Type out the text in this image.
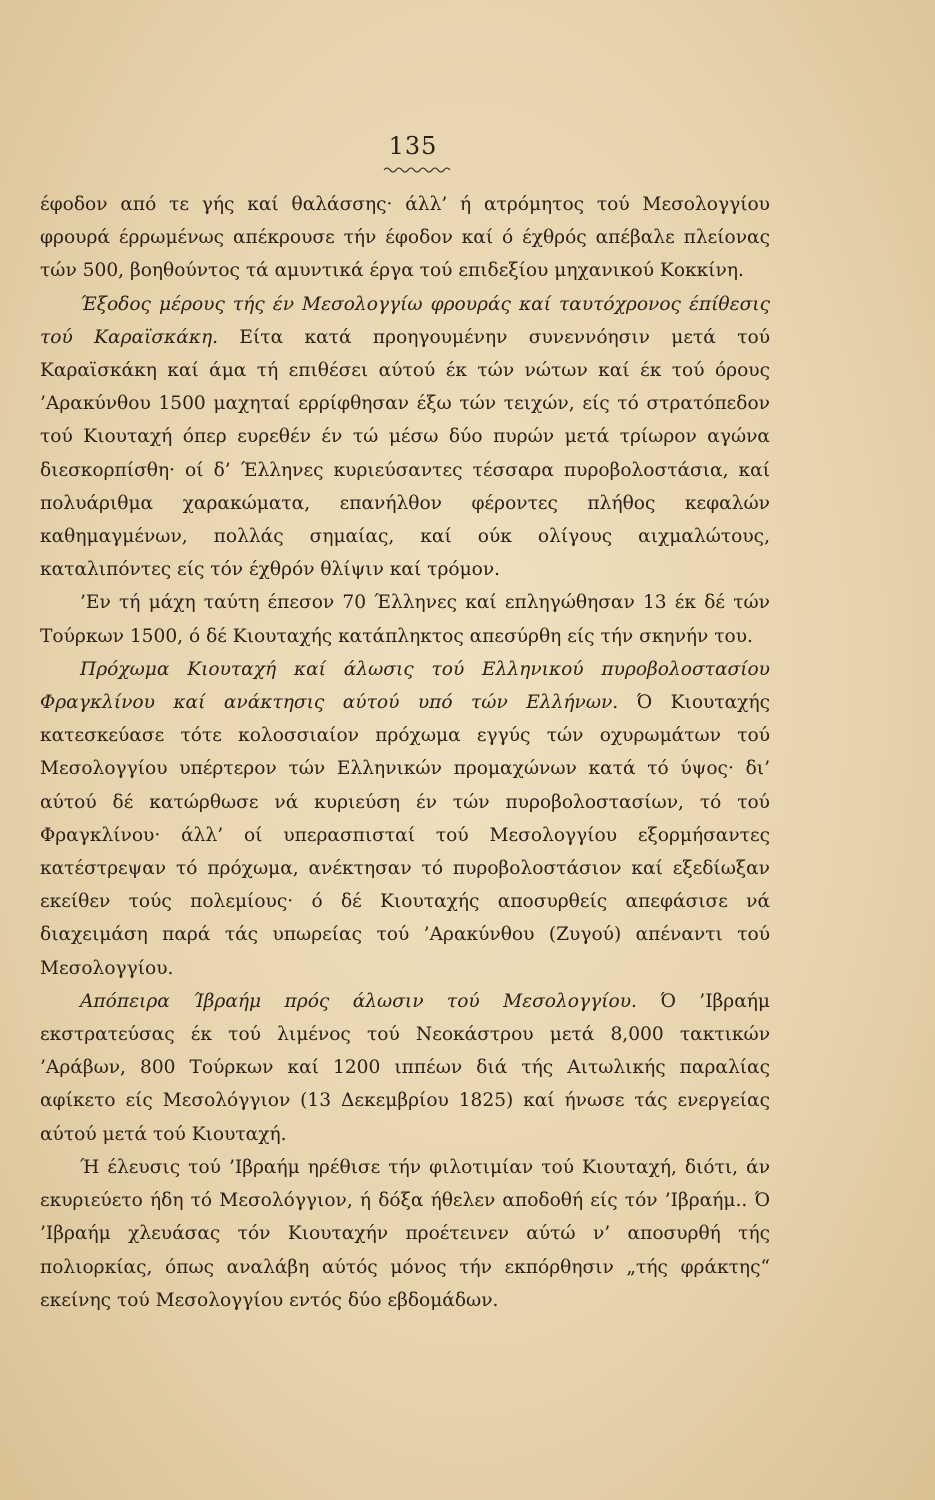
135

έφοδον από τε γής καί θαλάσσης· άλλ’ ή ατρόμητος τού Μεσολογγίου φρουρά έρρωμένως απέκρουσε τήν έφοδον καί ό έχθρός απέβαλε πλείονας τών 500, βοηθούντος τά αμυντικά έργα τού επιδεξίου μηχανικού Κοκκίνη.

Έξοδος μέρους τής έν Μεσολογγίω φρουράς καί ταυτόχρονος έπίθεσις τού Καραϊσκάκη. Είτα κατά προηγουμένην συνεννόησιν μετά τού Καραϊσκάκη καί άμα τή επιθέσει αύτού έκ τών νώτων καί έκ τού όρους ’Αρακύνθου 1500 μαχηταί ερρίφθησαν έξω τών τειχών, είς τό στρατόπεδον τού Κιουταχή όπερ ευρεθέν έν τώ μέσω δύο πυρών μετά τρίωρον αγώνα διεσκορπίσθη· οί δ’ Έλληνες κυριεύσαντες τέσσαρα πυροβολοστάσια, καί πολυάριθμα χαρακώματα, επανήλθον φέροντες πλήθος κεφαλών καθημαγμένων, πολλάς σημαίας, καί ούκ ολίγους αιχμαλώτους, καταλιπόντες είς τόν έχθρόν θλίψιν καί τρόμον.

’Εν τή μάχη ταύτη έπεσον 70 Έλληνες καί επληγώθησαν 13 έκ δέ τών Τούρκων 1500, ό δέ Κιουταχής κατάπληκτος απεσύρθη είς τήν σκηνήν του.

Πρόχωμα Κιουταχή καί άλωσις τού Ελληνικού πυροβολοστασίου Φραγκλίνου καί ανάκτησις αύτού υπό τών Ελλήνων. Ό Κιουταχής κατεσκεύασε τότε κολοσσιαίον πρόχωμα εγγύς τών οχυρωμάτων τού Μεσολογγίου υπέρτερον τών Ελληνικών προμαχώνων κατά τό ύψος· δι’ αύτού δέ κατώρθωσε νά κυριεύση έν τών πυροβολοστασίων, τό τού Φραγκλίνου· άλλ’ οί υπερασπισταί τού Μεσολογγίου εξορμήσαντες κατέστρεψαν τό πρόχωμα, ανέκτησαν τό πυροβολοστάσιον καί εξεδίωξαν εκείθεν τούς πολεμίους· ό δέ Κιουταχής αποσυρθείς απεφάσισε νά διαχειμάση παρά τάς υπωρείας τού ’Αρακύνθου (Ζυγού) απέναντι τού Μεσολογγίου.

Απόπειρα Ίβραήμ πρός άλωσιν τού Μεσολογγίου. Ό ’Ιβραήμ εκστρατεύσας έκ τού λιμένος τού Νεοκάστρου μετά 8,000 τακτικών ’Αράβων, 800 Τούρκων καί 1200 ιππέων διά τής Αιτωλικής παραλίας αφίκετο είς Μεσολόγγιον (13 Δεκεμβρίου 1825) καί ήνωσε τάς ενεργείας αύτού μετά τού Κιουταχή.

Ή έλευσις τού ’Ιβραήμ ηρέθισε τήν φιλοτιμίαν τού Κιουταχή, διότι, άν εκυριεύετο ήδη τό Μεσολόγγιον, ή δόξα ήθελεν αποδοθή είς τόν ’Ιβραήμ.. Ό ’Ιβραήμ χλευάσας τόν Κιουταχήν προέτεινεν αύτώ ν’ αποσυρθή τής πολιορκίας, όπως αναλάβη αύτός μόνος τήν εκπόρθησιν „τής φράκτης“ εκείνης τού Μεσολογγίου εντός δύο εβδομάδων.
